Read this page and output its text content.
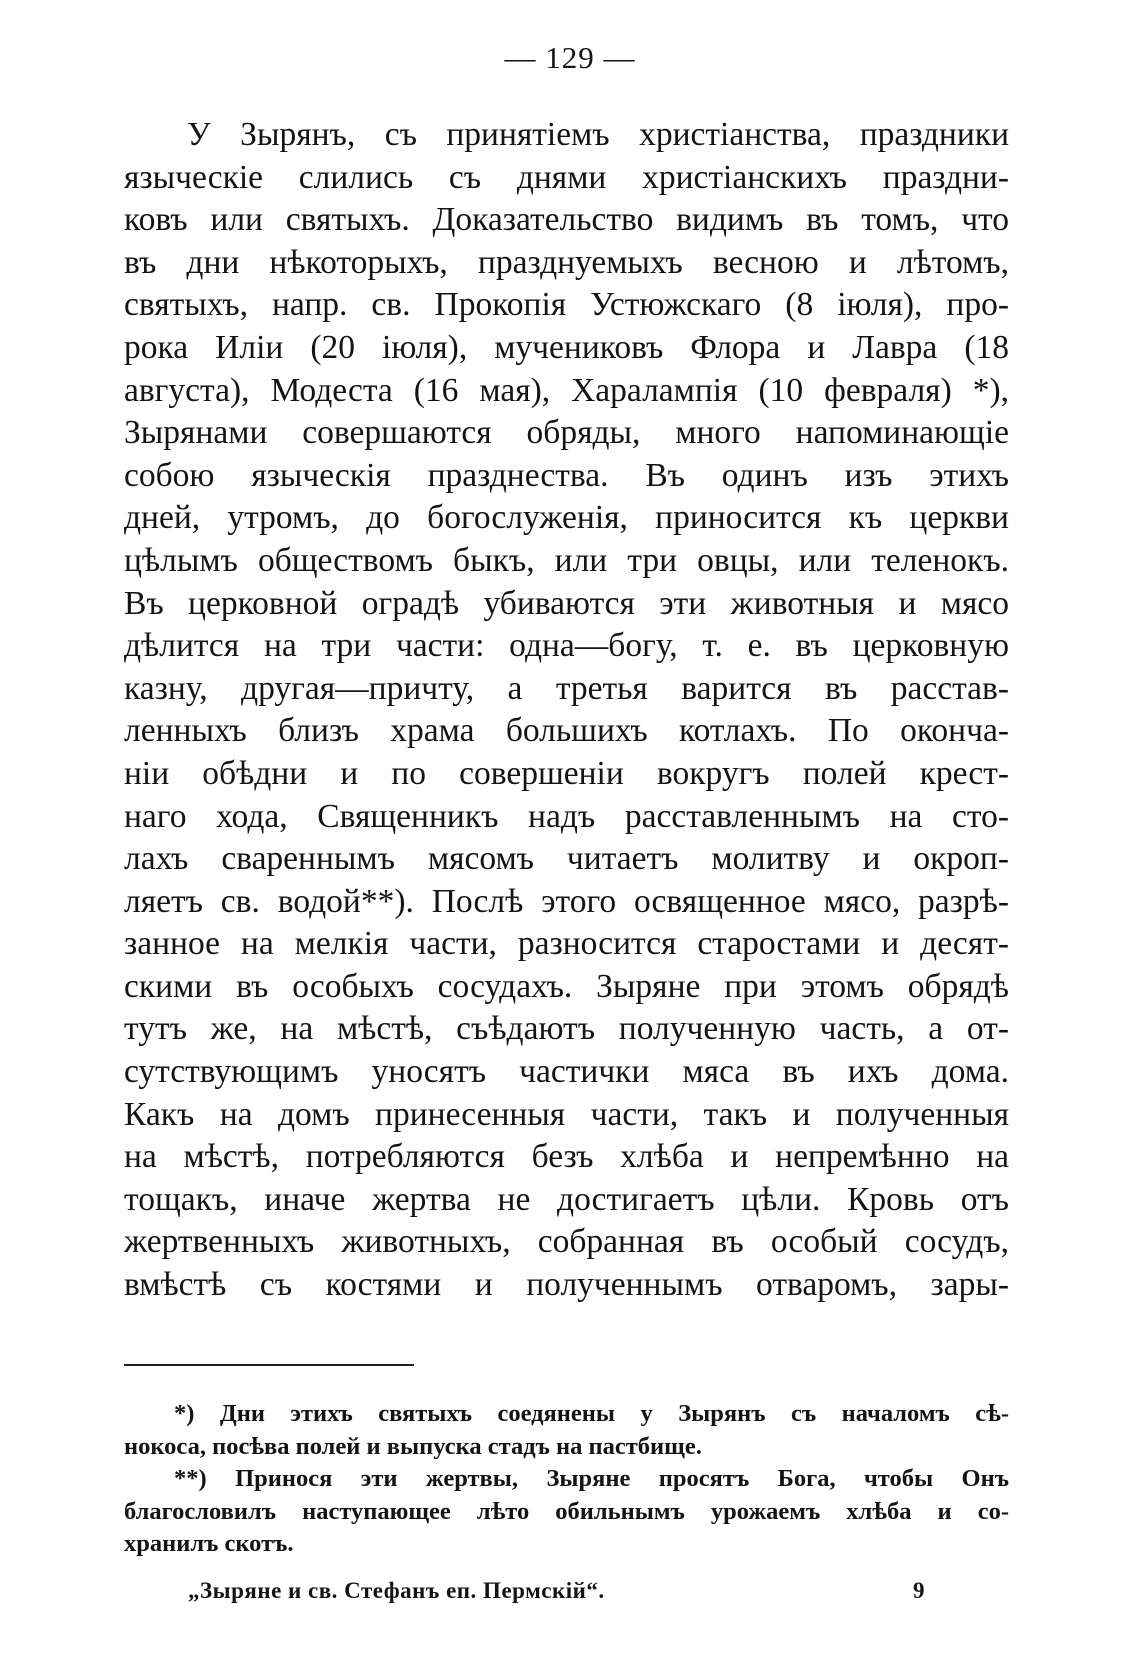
— 129 —
У Зырянъ, съ принятіемъ христіанства, праздники
языческіе слились съ днями христіанскихъ праздни-
ковъ или святыхъ. Доказательство видимъ въ томъ, что
въ дни нѣкоторыхъ, празднуемыхъ весною и лѣтомъ,
святыхъ, напр. св. Прокопія Устюжскаго (8 іюля), про-
рока Иліи (20 іюля), мучениковъ Флора и Лавра (18
августа), Модеста (16 мая), Харалампія (10 февраля) *),
Зырянами совершаются обряды, много напоминающіе
собою языческія празднества. Въ одинъ изъ этихъ
дней, утромъ, до богослуженія, приносится къ церкви
цѣлымъ обществомъ быкъ, или три овцы, или теленокъ.
Въ церковной оградѣ убиваются эти животныя и мясо
дѣлится на три части: одна—богу, т. е. въ церковную
казну, другая—причту, а третья варится въ расстав-
ленныхъ близъ храма большихъ котлахъ. По оконча-
ніи обѣдни и по совершеніи вокругъ полей крест-
наго хода, Священникъ надъ расставленнымъ на сто-
лахъ свареннымъ мясомъ читаетъ молитву и окроп-
ляетъ св. водой**). Послѣ этого освященное мясо, разрѣ-
занное на мелкія части, разносится старостами и десят-
скими въ особыхъ сосудахъ. Зыряне при этомъ обрядѣ
тутъ же, на мѣстѣ, съѣдаютъ полученную часть, а от-
сутствующимъ уносятъ частички мяса въ ихъ дома.
Какъ на домъ принесенныя части, такъ и полученныя
на мѣстѣ, потребляются безъ хлѣба и непремѣнно на
тощакъ, иначе жертва не достигаетъ цѣли. Кровь отъ
жертвенныхъ животныхъ, собранная въ особый сосудъ,
вмѣстѣ съ костями и полученнымъ отваромъ, зары-
*) Дни этихъ святыхъ соедянены у Зырянъ съ началомъ сѣ-
нокоса, посѣва полей и выпуска стадъ на пастбище.
**) Принося эти жертвы, Зыряне просятъ Бога, чтобы Онъ
благословилъ наступающее лѣто обильнымъ урожаемъ хлѣба и со-
хранилъ скотъ.
„Зыряне и св. Стефанъ еп. Пермскій“.	9
